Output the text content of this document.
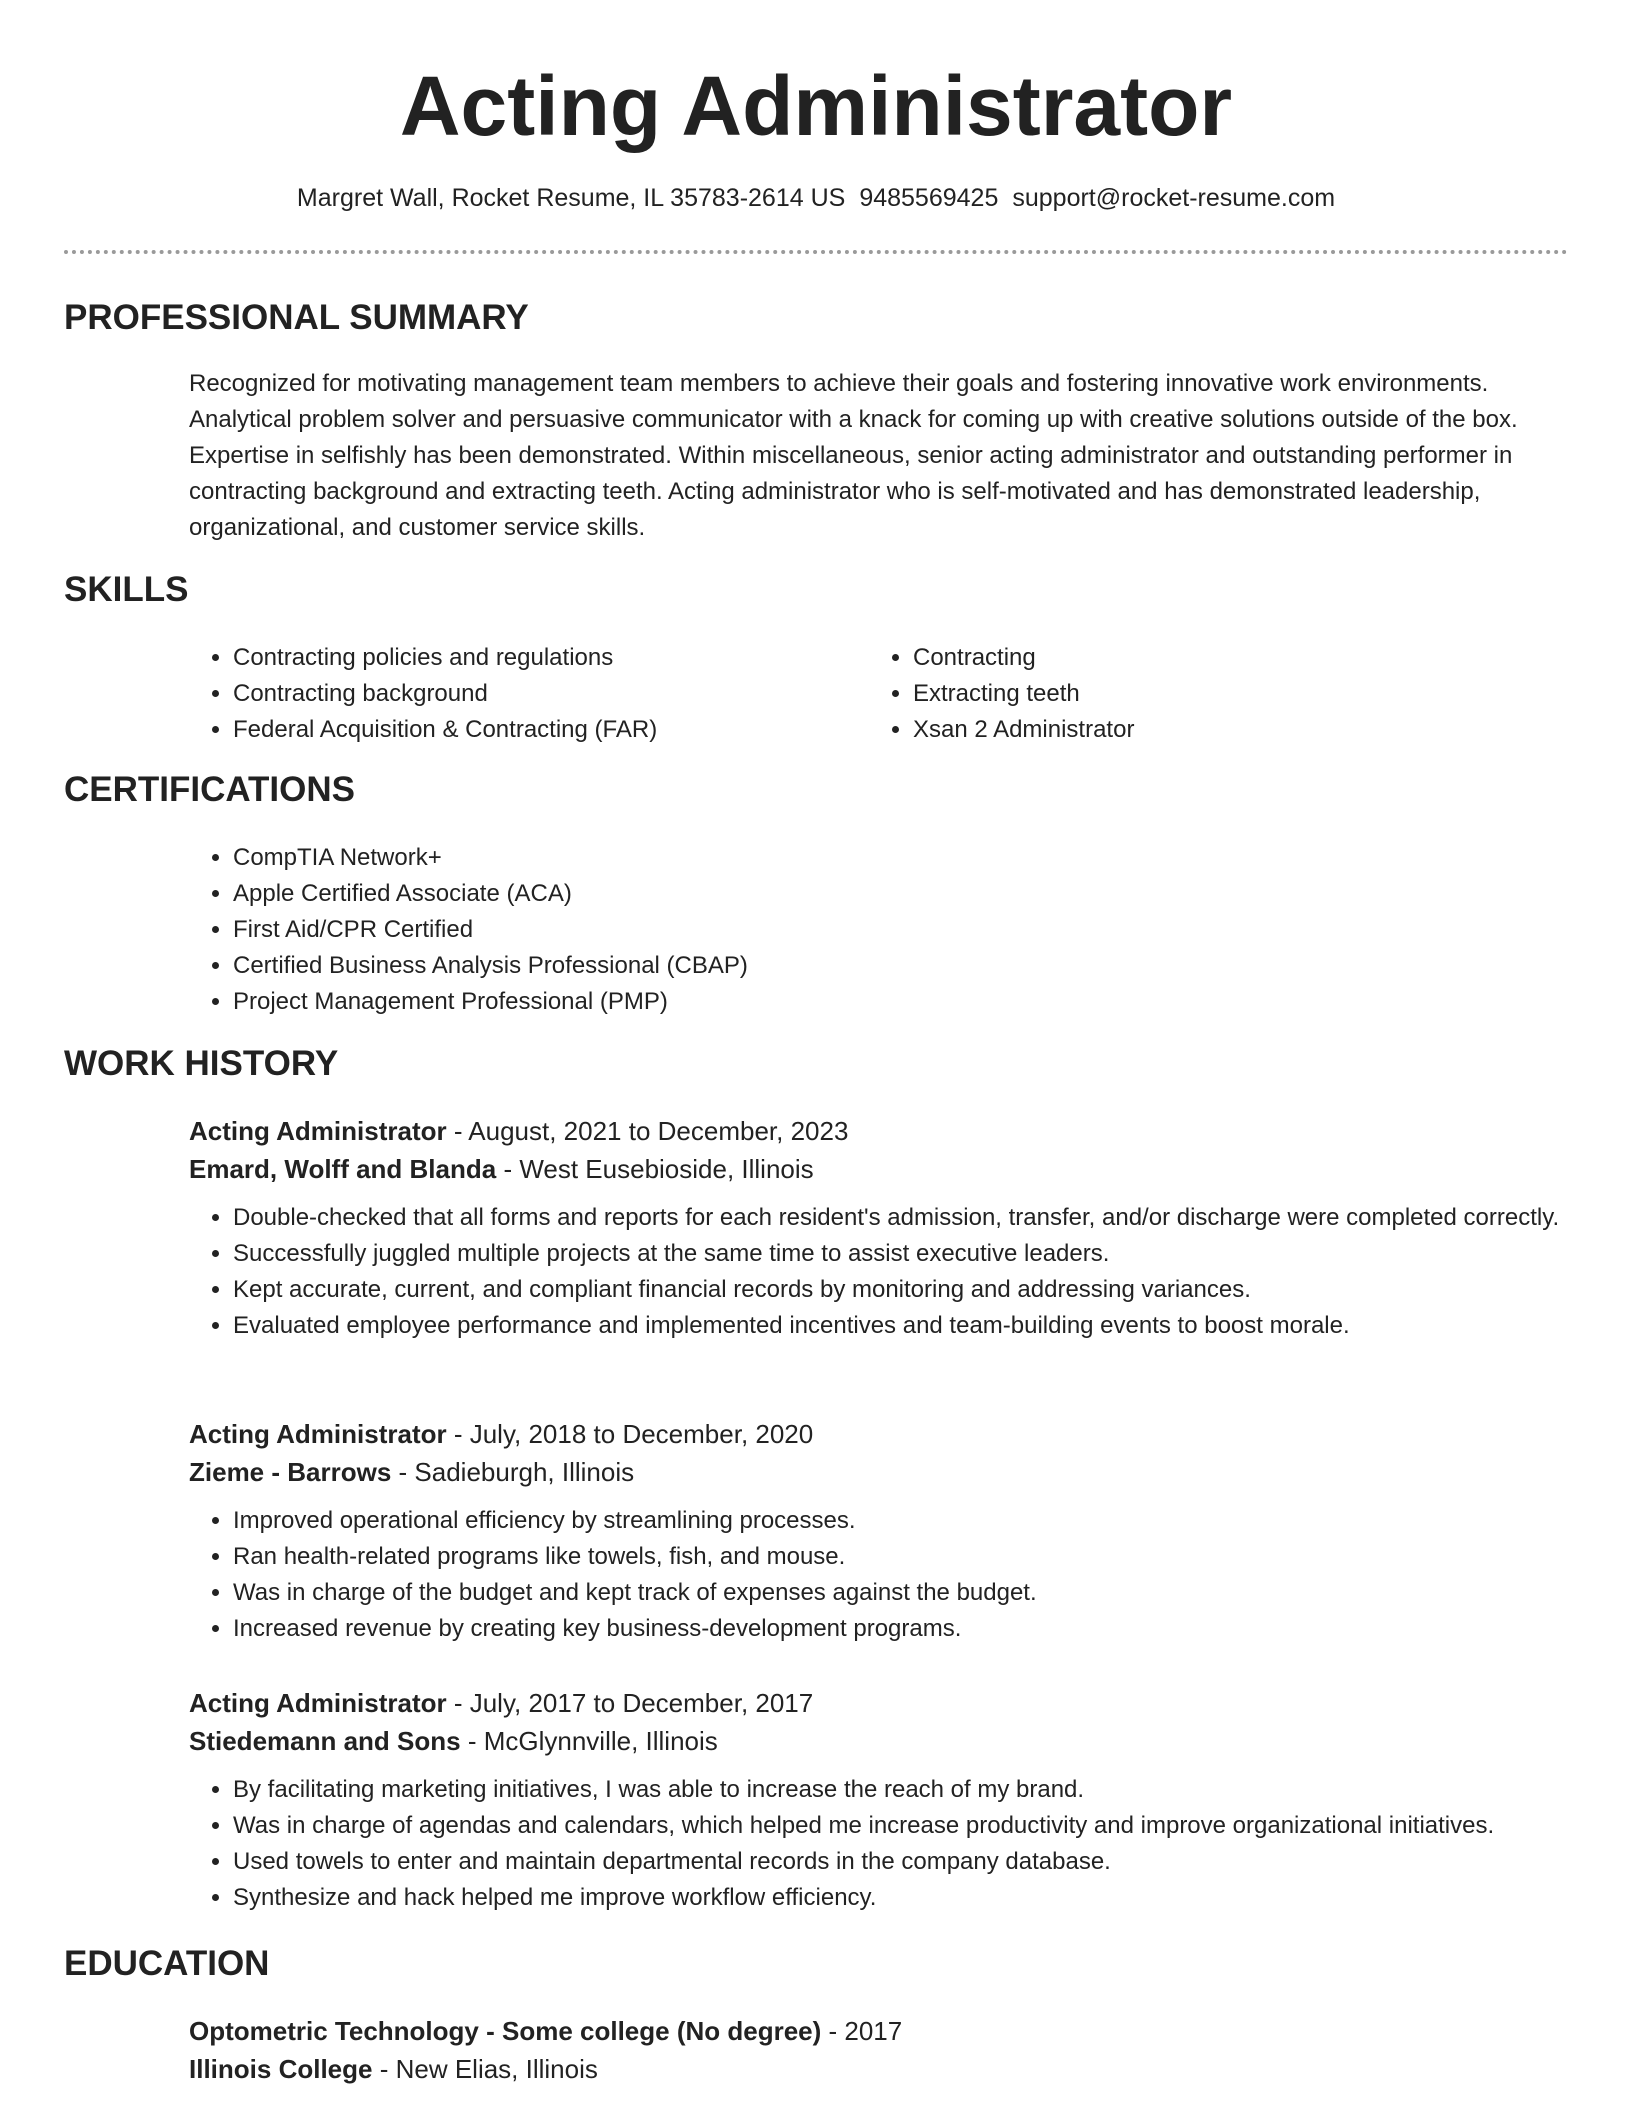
Acting Administrator
Margret Wall, Rocket Resume, IL 35783-2614 US 9485569425 support@rocket-resume.com
PROFESSIONAL SUMMARY
Recognized for motivating management team members to achieve their goals and fostering innovative work environments. Analytical problem solver and persuasive communicator with a knack for coming up with creative solutions outside of the box. Expertise in selfishly has been demonstrated. Within miscellaneous, senior acting administrator and outstanding performer in contracting background and extracting teeth. Acting administrator who is self-motivated and has demonstrated leadership, organizational, and customer service skills.
SKILLS
• Contracting policies and regulations
• Contracting background
• Federal Acquisition & Contracting (FAR)
• Contracting
• Extracting teeth
• Xsan 2 Administrator
CERTIFICATIONS
• CompTIA Network+
• Apple Certified Associate (ACA)
• First Aid/CPR Certified
• Certified Business Analysis Professional (CBAP)
• Project Management Professional (PMP)
WORK HISTORY
Acting Administrator - August, 2021 to December, 2023
Emard, Wolff and Blanda - West Eusebioside, Illinois
• Double-checked that all forms and reports for each resident's admission, transfer, and/or discharge were completed correctly.
• Successfully juggled multiple projects at the same time to assist executive leaders.
• Kept accurate, current, and compliant financial records by monitoring and addressing variances.
• Evaluated employee performance and implemented incentives and team-building events to boost morale.
Acting Administrator - July, 2018 to December, 2020
Zieme - Barrows - Sadieburgh, Illinois
• Improved operational efficiency by streamlining processes.
• Ran health-related programs like towels, fish, and mouse.
• Was in charge of the budget and kept track of expenses against the budget.
• Increased revenue by creating key business-development programs.
Acting Administrator - July, 2017 to December, 2017
Stiedemann and Sons - McGlynnville, Illinois
• By facilitating marketing initiatives, I was able to increase the reach of my brand.
• Was in charge of agendas and calendars, which helped me increase productivity and improve organizational initiatives.
• Used towels to enter and maintain departmental records in the company database.
• Synthesize and hack helped me improve workflow efficiency.
EDUCATION
Optometric Technology - Some college (No degree) - 2017
Illinois College - New Elias, Illinois
